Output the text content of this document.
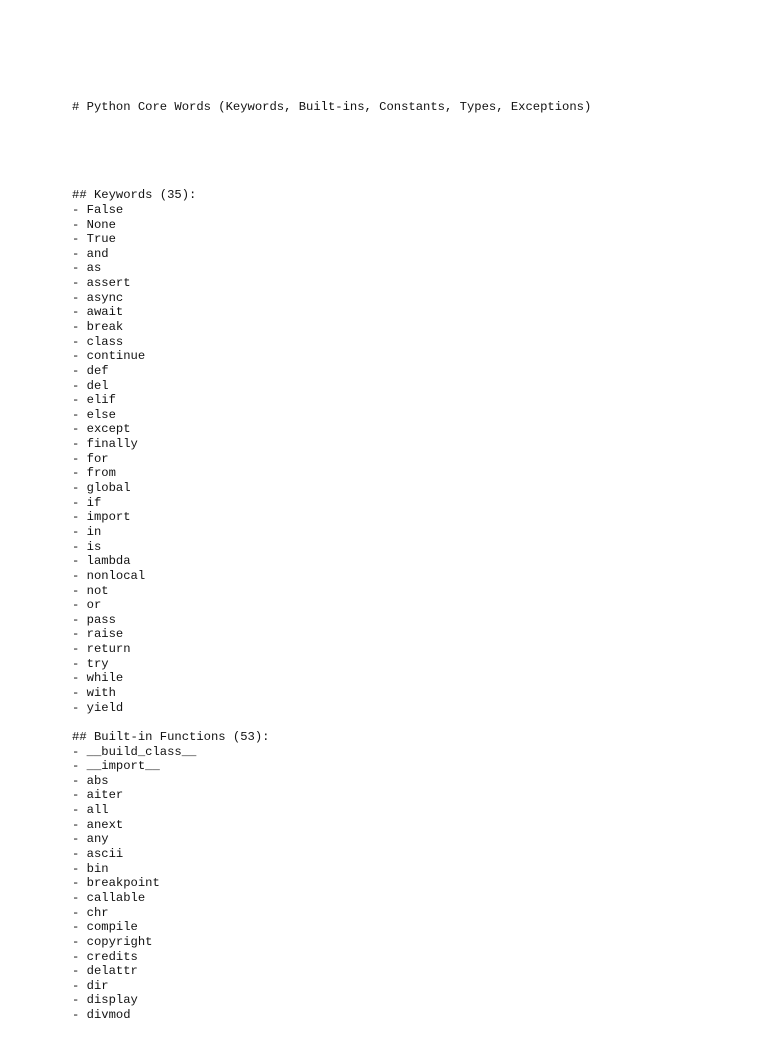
# Python Core Words (Keywords, Built-ins, Constants, Types, Exceptions)

## Keywords (35):
- False
- None
- True
- and
- as
- assert
- async
- await
- break
- class
- continue
- def
- del
- elif
- else
- except
- finally
- for
- from
- global
- if
- import
- in
- is
- lambda
- nonlocal
- not
- or
- pass
- raise
- return
- try
- while
- with
- yield
## Built-in Functions (53):
- __build_class__
- __import__
- abs
- aiter
- all
- anext
- any
- ascii
- bin
- breakpoint
- callable
- chr
- compile
- copyright
- credits
- delattr
- dir
- display
- divmod
